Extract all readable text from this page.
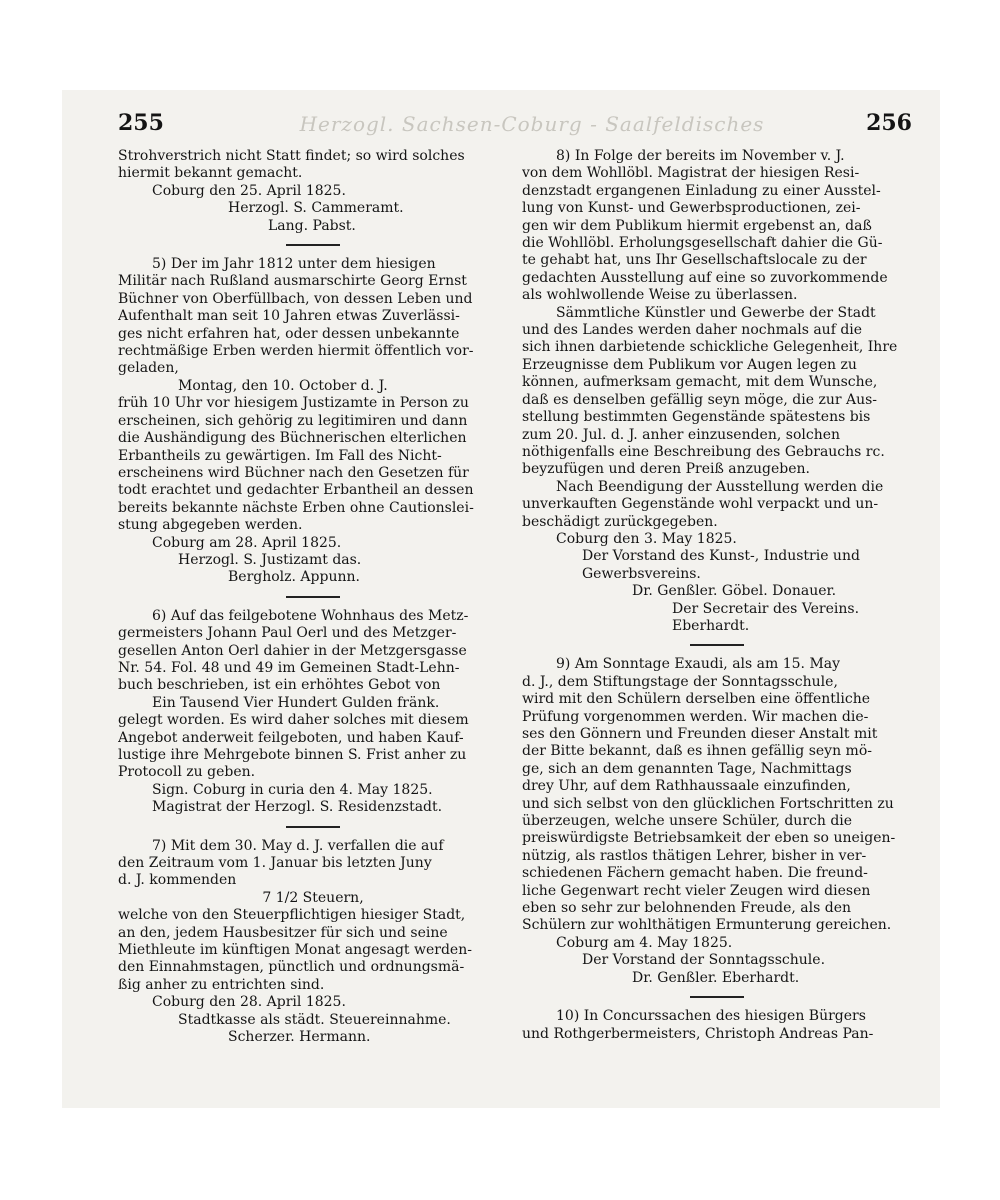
255	Herzogl. Sachsen-Coburg - Saalfeldisches	256
Strohverstrich nicht Statt findet; so wird solches
hiermit bekannt gemacht.
Coburg den 25. April 1825.
Herzogl. S. Cammeramt.
Lang. Pabst.
5) Der im Jahr 1812 unter dem hiesigen
Militär nach Rußland ausmarschirte Georg Ernst
Büchner von Oberfüllbach, von dessen Leben und
Aufenthalt man seit 10 Jahren etwas Zuverlässi-
ges nicht erfahren hat, oder dessen unbekannte
rechtmäßige Erben werden hiermit öffentlich vor-
geladen,
Montag, den 10. October d. J.
früh 10 Uhr vor hiesigem Justizamte in Person zu
erscheinen, sich gehörig zu legitimiren und dann
die Aushändigung des Büchnerischen elterlichen
Erbantheils zu gewärtigen. Im Fall des Nicht-
erscheinens wird Büchner nach den Gesetzen für
todt erachtet und gedachter Erbantheil an dessen
bereits bekannte nächste Erben ohne Cautionslei-
stung abgegeben werden.
Coburg am 28. April 1825.
Herzogl. S. Justizamt das.
Bergholz. Appunn.
6) Auf das feilgebotene Wohnhaus des Metz-
germeisters Johann Paul Oerl und des Metzger-
gesellen Anton Oerl dahier in der Metzgersgasse
Nr. 54. Fol. 48 und 49 im Gemeinen Stadt-Lehn-
buch beschrieben, ist ein erhöhtes Gebot von
Ein Tausend Vier Hundert Gulden fränk.
gelegt worden. Es wird daher solches mit diesem
Angebot anderweit feilgeboten, und haben Kauf-
lustige ihre Mehrgebote binnen S. Frist anher zu
Protocoll zu geben.
Sign. Coburg in curia den 4. May 1825.
Magistrat der Herzogl. S. Residenzstadt.
7) Mit dem 30. May d. J. verfallen die auf
den Zeitraum vom 1. Januar bis letzten Juny
d. J. kommenden
7 1/2 Steuern,
welche von den Steuerpflichtigen hiesiger Stadt,
an den, jedem Hausbesitzer für sich und seine
Miethleute im künftigen Monat angesagt werden-
den Einnahmstagen, pünctlich und ordnungsmä-
ßig anher zu entrichten sind.
Coburg den 28. April 1825.
Stadtkasse als städt. Steuereinnahme.
Scherzer. Hermann.
8) In Folge der bereits im November v. J.
von dem Wohllöbl. Magistrat der hiesigen Resi-
denzstadt ergangenen Einladung zu einer Ausstel-
lung von Kunst- und Gewerbsproductionen, zei-
gen wir dem Publikum hiermit ergebenst an, daß
die Wohllöbl. Erholungsgesellschaft dahier die Gü-
te gehabt hat, uns Ihr Gesellschaftslocale zu der
gedachten Ausstellung auf eine so zuvorkommende
als wohlwollende Weise zu überlassen.
Sämmtliche Künstler und Gewerbe der Stadt
und des Landes werden daher nochmals auf die
sich ihnen darbietende schickliche Gelegenheit, Ihre
Erzeugnisse dem Publikum vor Augen legen zu
können, aufmerksam gemacht, mit dem Wunsche,
daß es denselben gefällig seyn möge, die zur Aus-
stellung bestimmten Gegenstände spätestens bis
zum 20. Jul. d. J. anher einzusenden, solchen
nöthigenfalls eine Beschreibung des Gebrauchs rc.
beyzufügen und deren Preiß anzugeben.
Nach Beendigung der Ausstellung werden die
unverkauften Gegenstände wohl verpackt und un-
beschädigt zurückgegeben.
Coburg den 3. May 1825.
Der Vorstand des Kunst-, Industrie und
Gewerbsvereins.
Dr. Genßler. Göbel. Donauer.
Der Secretair des Vereins.
Eberhardt.
9) Am Sonntage Exaudi, als am 15. May
d. J., dem Stiftungstage der Sonntagsschule,
wird mit den Schülern derselben eine öffentliche
Prüfung vorgenommen werden. Wir machen die-
ses den Gönnern und Freunden dieser Anstalt mit
der Bitte bekannt, daß es ihnen gefällig seyn mö-
ge, sich an dem genannten Tage, Nachmittags
drey Uhr, auf dem Rathhaussaale einzufinden,
und sich selbst von den glücklichen Fortschritten zu
überzeugen, welche unsere Schüler, durch die
preiswürdigste Betriebsamkeit der eben so uneigen-
nützig, als rastlos thätigen Lehrer, bisher in ver-
schiedenen Fächern gemacht haben. Die freund-
liche Gegenwart recht vieler Zeugen wird diesen
eben so sehr zur belohnenden Freude, als den
Schülern zur wohlthätigen Ermunterung gereichen.
Coburg am 4. May 1825.
Der Vorstand der Sonntagsschule.
Dr. Genßler. Eberhardt.
10) In Concurssachen des hiesigen Bürgers
und Rothgerbermeisters, Christoph Andreas Pan-
